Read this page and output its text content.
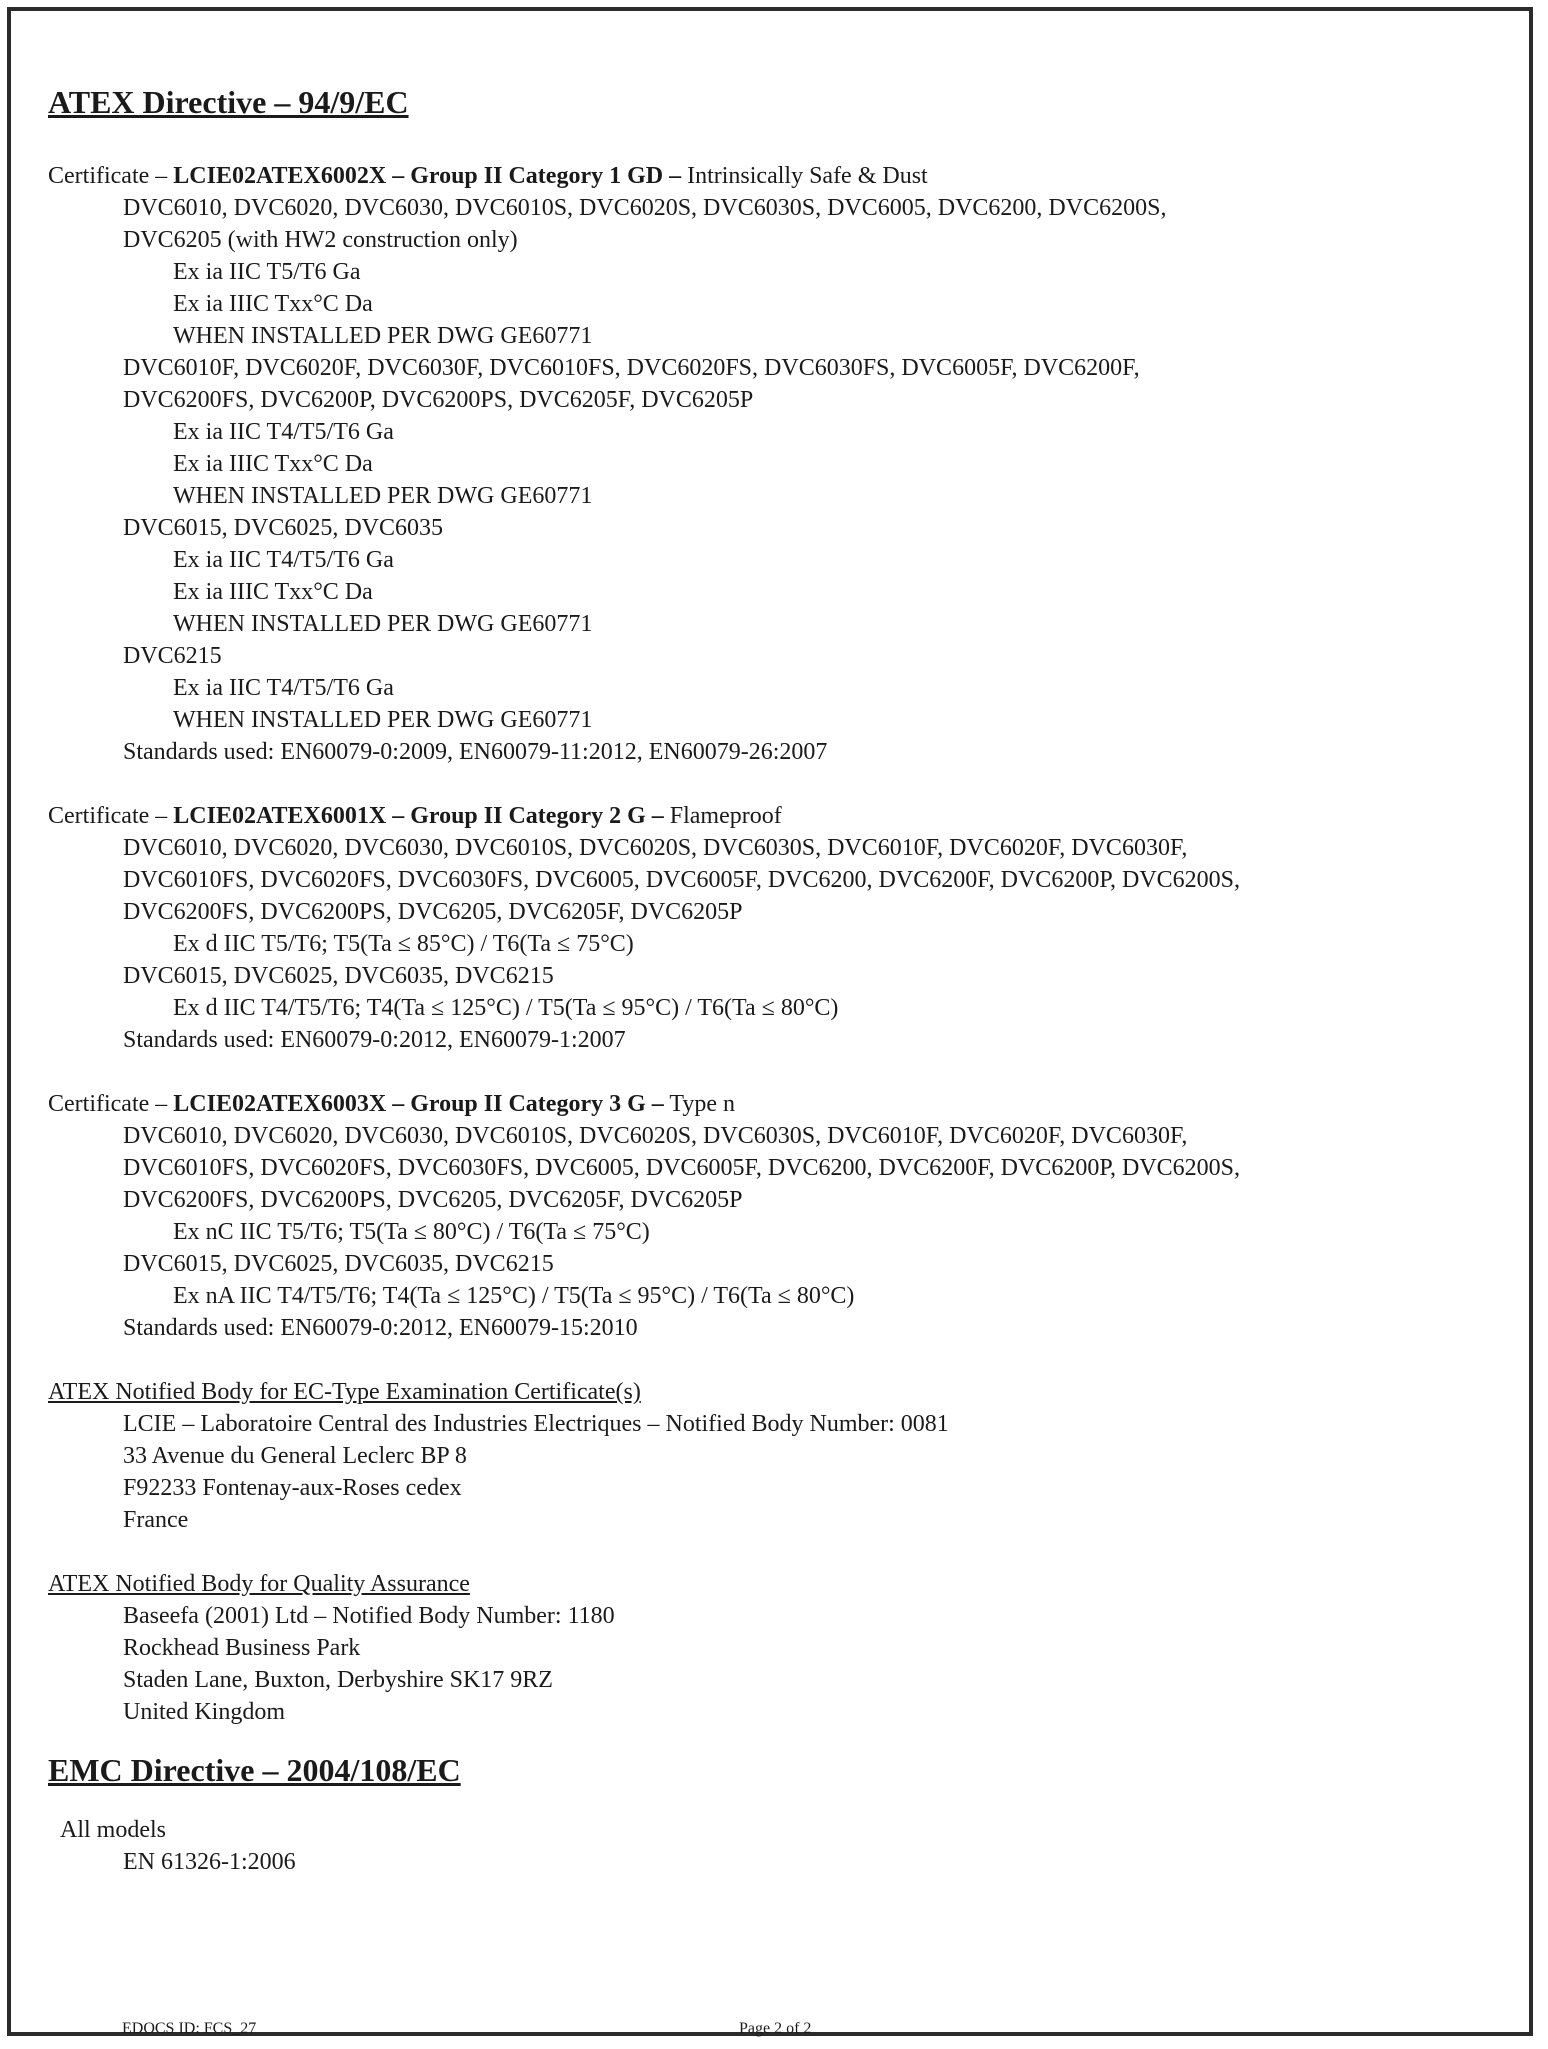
ATEX Directive – 94/9/EC

Certificate – LCIE02ATEX6002X – Group II Category 1 GD – Intrinsically Safe & Dust

DVC6010, DVC6020, DVC6030, DVC6010S, DVC6020S, DVC6030S, DVC6005, DVC6200, DVC6200S,

DVC6205 (with HW2 construction only)

Ex ia IIC T5/T6 Ga

Ex ia IIIC Txx°C Da

WHEN INSTALLED PER DWG GE60771

DVC6010F, DVC6020F, DVC6030F, DVC6010FS, DVC6020FS, DVC6030FS, DVC6005F, DVC6200F,

DVC6200FS, DVC6200P, DVC6200PS, DVC6205F, DVC6205P

Ex ia IIC T4/T5/T6 Ga

Ex ia IIIC Txx°C Da

WHEN INSTALLED PER DWG GE60771

DVC6015, DVC6025, DVC6035

Ex ia IIC T4/T5/T6 Ga

Ex ia IIIC Txx°C Da

WHEN INSTALLED PER DWG GE60771

DVC6215

Ex ia IIC T4/T5/T6 Ga

WHEN INSTALLED PER DWG GE60771

Standards used: EN60079-0:2009, EN60079-11:2012, EN60079-26:2007

Certificate – LCIE02ATEX6001X – Group II Category 2 G – Flameproof

DVC6010, DVC6020, DVC6030, DVC6010S, DVC6020S, DVC6030S, DVC6010F, DVC6020F, DVC6030F,

DVC6010FS, DVC6020FS, DVC6030FS, DVC6005, DVC6005F, DVC6200, DVC6200F, DVC6200P, DVC6200S,

DVC6200FS, DVC6200PS, DVC6205, DVC6205F, DVC6205P

Ex d IIC T5/T6; T5(Ta ≤ 85°C) / T6(Ta ≤ 75°C)

DVC6015, DVC6025, DVC6035, DVC6215

Ex d IIC T4/T5/T6; T4(Ta ≤ 125°C) / T5(Ta ≤ 95°C) / T6(Ta ≤ 80°C)

Standards used: EN60079-0:2012, EN60079-1:2007

Certificate – LCIE02ATEX6003X – Group II Category 3 G – Type n

DVC6010, DVC6020, DVC6030, DVC6010S, DVC6020S, DVC6030S, DVC6010F, DVC6020F, DVC6030F,

DVC6010FS, DVC6020FS, DVC6030FS, DVC6005, DVC6005F, DVC6200, DVC6200F, DVC6200P, DVC6200S,

DVC6200FS, DVC6200PS, DVC6205, DVC6205F, DVC6205P

Ex nC IIC T5/T6; T5(Ta ≤ 80°C) / T6(Ta ≤ 75°C)

DVC6015, DVC6025, DVC6035, DVC6215

Ex nA IIC T4/T5/T6; T4(Ta ≤ 125°C) / T5(Ta ≤ 95°C) / T6(Ta ≤ 80°C)

Standards used: EN60079-0:2012, EN60079-15:2010

ATEX Notified Body for EC-Type Examination Certificate(s)

LCIE – Laboratoire Central des Industries Electriques – Notified Body Number: 0081

33 Avenue du General Leclerc BP 8

F92233 Fontenay-aux-Roses cedex

France

ATEX Notified Body for Quality Assurance

Baseefa (2001) Ltd – Notified Body Number: 1180

Rockhead Business Park

Staden Lane, Buxton, Derbyshire SK17 9RZ

United Kingdom

EMC Directive – 2004/108/EC

All models

EN 61326-1:2006

EDOCS ID: FCS_27	Page 2 of 2
